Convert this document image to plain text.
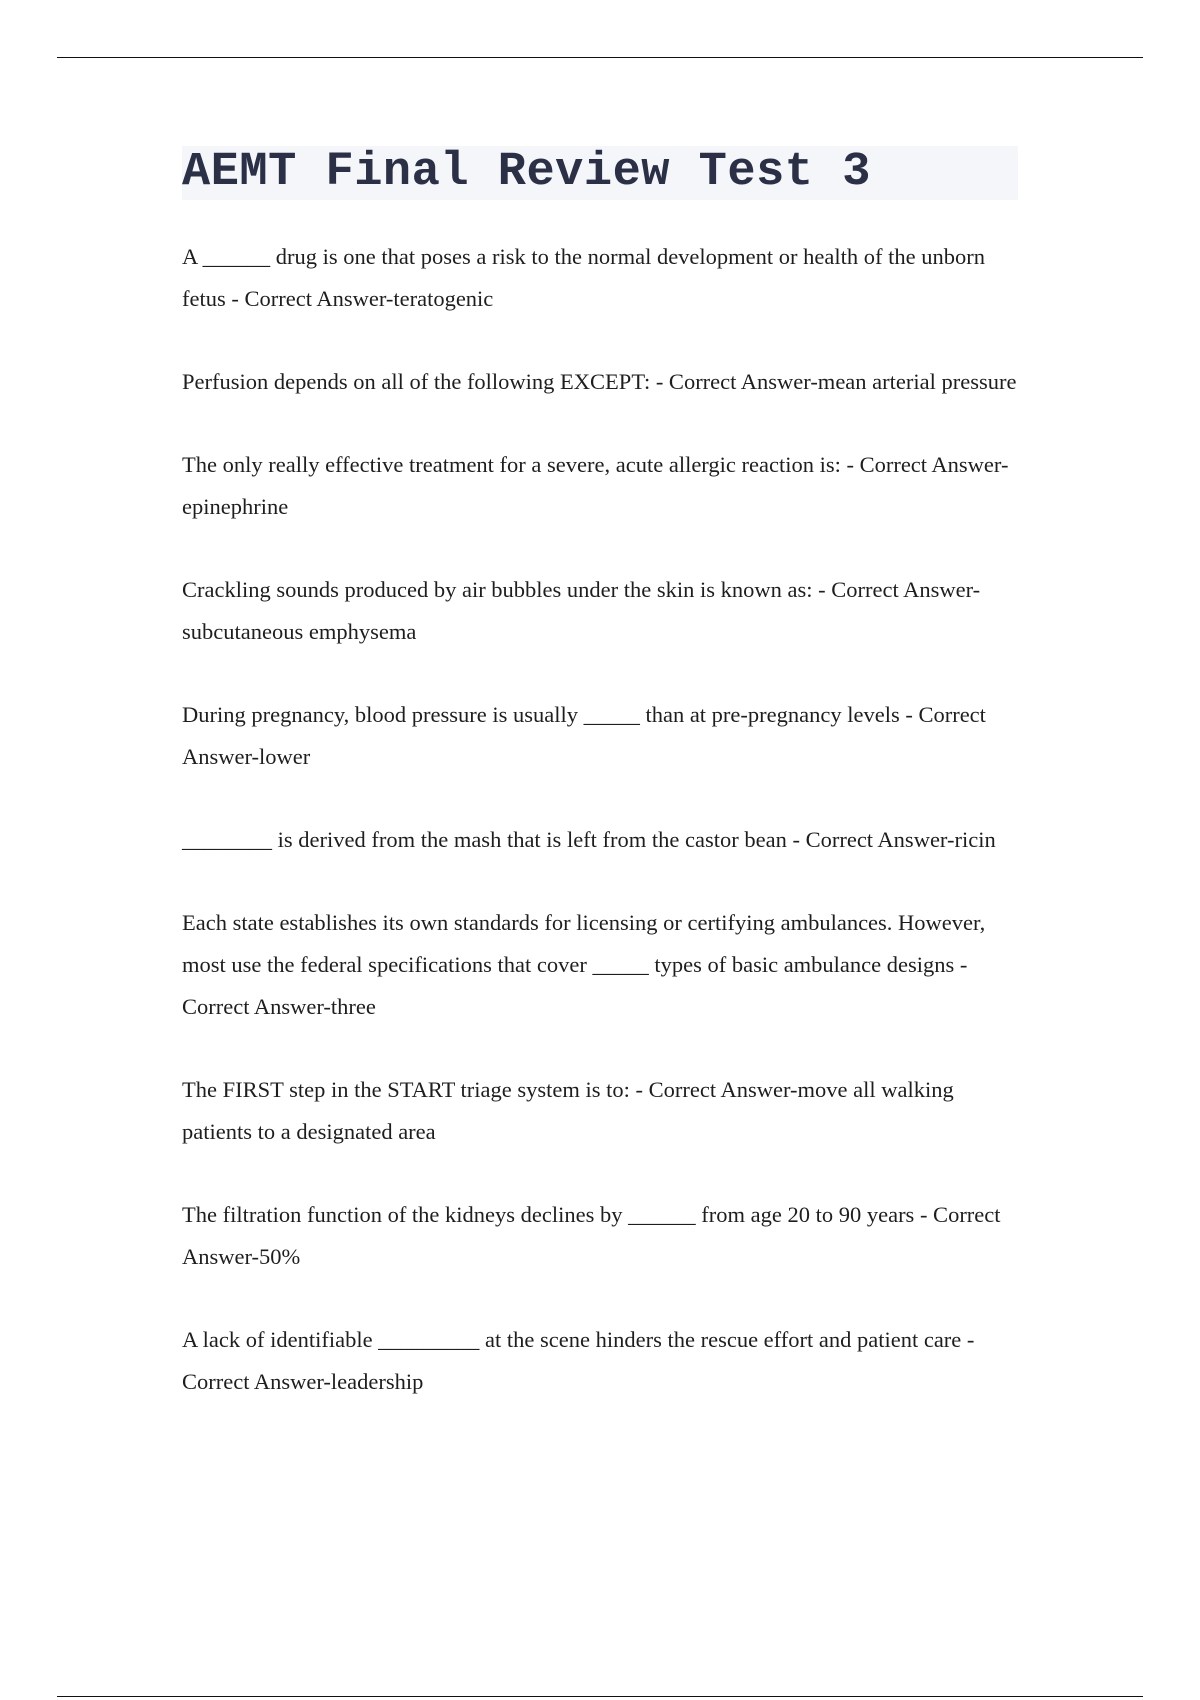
AEMT Final Review Test 3

A ______ drug is one that poses a risk to the normal development or health of the unborn fetus - Correct Answer-teratogenic

Perfusion depends on all of the following EXCEPT: - Correct Answer-mean arterial pressure

The only really effective treatment for a severe, acute allergic reaction is: - Correct Answer-epinephrine

Crackling sounds produced by air bubbles under the skin is known as: - Correct Answer-subcutaneous emphysema

During pregnancy, blood pressure is usually _____ than at pre-pregnancy levels - Correct Answer-lower

________ is derived from the mash that is left from the castor bean - Correct Answer-ricin

Each state establishes its own standards for licensing or certifying ambulances. However, most use the federal specifications that cover _____ types of basic ambulance designs - Correct Answer-three

The FIRST step in the START triage system is to: - Correct Answer-move all walking patients to a designated area

The filtration function of the kidneys declines by ______ from age 20 to 90 years - Correct Answer-50%

A lack of identifiable _________ at the scene hinders the rescue effort and patient care - Correct Answer-leadership
